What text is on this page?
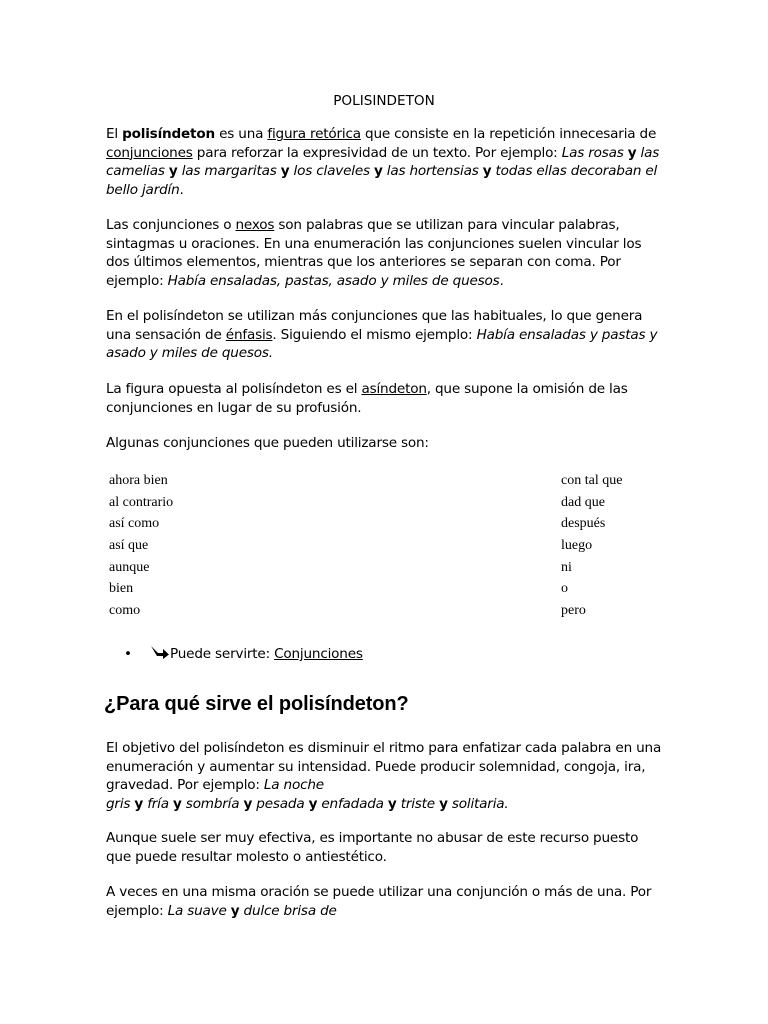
POLISINDETON

El polisíndeton es una figura retórica que consiste en la repetición innecesaria de conjunciones para reforzar la expresividad de un texto. Por ejemplo: Las rosas y las camelias y las margaritas y los claveles y las hortensias y todas ellas decoraban el bello jardín.

Las conjunciones o nexos son palabras que se utilizan para vincular palabras, sintagmas u oraciones. En una enumeración las conjunciones suelen vincular los dos últimos elementos, mientras que los anteriores se separan con coma. Por ejemplo: Había ensaladas, pastas, asado y miles de quesos.

En el polisíndeton se utilizan más conjunciones que las habituales, lo que genera una sensación de énfasis. Siguiendo el mismo ejemplo: Había ensaladas y pastas y asado y miles de quesos.

La figura opuesta al polisíndeton es el asíndeton, que supone la omisión de las conjunciones en lugar de su profusión.

Algunas conjunciones que pueden utilizarse son:

ahora bien
al contrario
así como
así que
aunque
bien
como
con tal que
dad que
después
luego
ni
o
pero
•	Puede servirte: Conjunciones
¿Para qué sirve el polisíndeton?

El objetivo del polisíndeton es disminuir el ritmo para enfatizar cada palabra en una enumeración y aumentar su intensidad. Puede producir solemnidad, congoja, ira, gravedad. Por ejemplo: La noche
gris y fría y sombría y pesada y enfadada y triste y solitaria.

Aunque suele ser muy efectiva, es importante no abusar de este recurso puesto que puede resultar molesto o antiestético.

A veces en una misma oración se puede utilizar una conjunción o más de una. Por ejemplo: La suave y dulce brisa de
